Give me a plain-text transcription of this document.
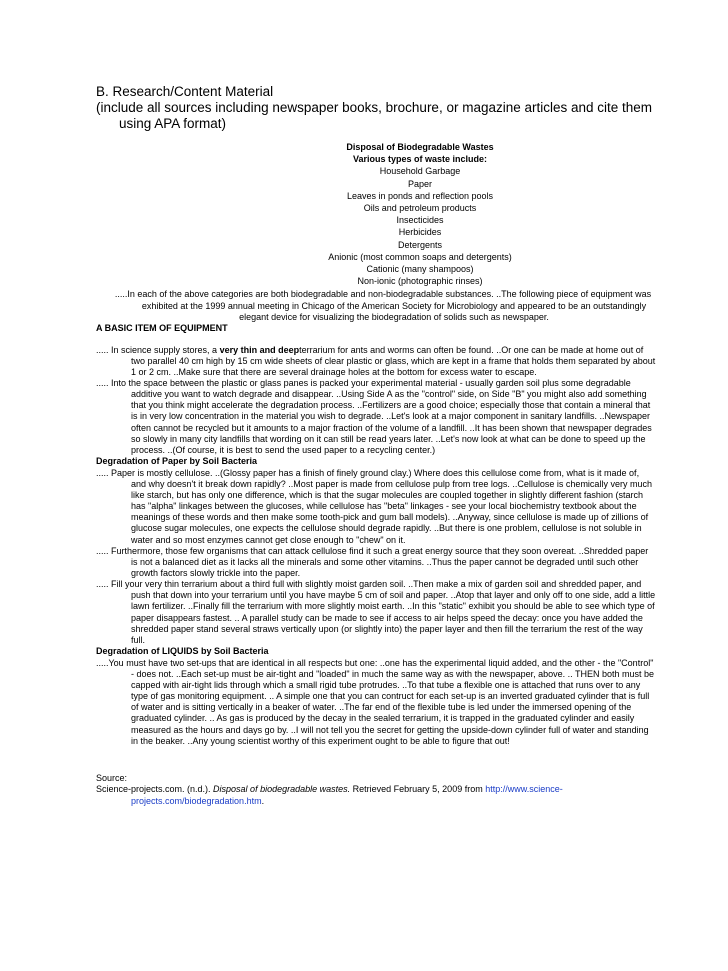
B. Research/Content Material

(include all sources including newspaper books, brochure, or magazine articles and cite them using APA format)

Disposal of Biodegradable Wastes
Various types of waste include:
Household Garbage
Paper
Leaves in ponds and reflection pools
Oils and petroleum products
Insecticides
Herbicides
Detergents
Anionic (most common soaps and detergents)
Cationic (many shampoos)
Non-ionic (photographic rinses)

.....In each of the above categories are both biodegradable and non-biodegradable substances. ..The following piece of equipment was exhibited at the 1999 annual meeting in Chicago of the American Society for Microbiology and appeared to be an outstandingly elegant device for visualizing the biodegradation of solids such as newspaper.

A BASIC ITEM OF EQUIPMENT

..... In science supply stores, a very thin and deepterrarium for ants and worms can often be found. ..Or one can be made at home out of two parallel 40 cm high by 15 cm wide sheets of clear plastic or glass, which are kept in a frame that holds them separated by about 1 or 2 cm. ..Make sure that there are several drainage holes at the bottom for excess water to escape.

..... Into the space between the plastic or glass panes is packed your experimental material - usually garden soil plus some degradable additive you want to watch degrade and disappear. ..Using Side A as the "control" side, on Side "B" you might also add something that you think might accelerate the degradation process. ..Fertilizers are a good choice; especially those that contain a mineral that is in very low concentration in the material you wish to degrade. ..Let's look at a major component in sanitary landfills. ..Newspaper often cannot be recycled but it amounts to a major fraction of the volume of a landfill. ..It has been shown that newspaper degrades so slowly in many city landfills that wording on it can still be read years later. ..Let's now look at what can be done to speed up the process. ..(Of course, it is best to send the used paper to a recycling center.)

Degradation of Paper by Soil Bacteria

..... Paper is mostly cellulose. ..(Glossy paper has a finish of finely ground clay.) Where does this cellulose come from, what is it made of, and why doesn't it break down rapidly? ..Most paper is made from cellulose pulp from tree logs. ..Cellulose is chemically very much like starch, but has only one difference, which is that the sugar molecules are coupled together in slightly different fashion (starch has "alpha" linkages between the glucoses, while cellulose has "beta" linkages - see your local biochemistry textbook about the meanings of these words and then make some tooth-pick and gum ball models). ..Anyway, since cellulose is made up of zillions of glucose sugar molecules, one expects the cellulose should degrade rapidly. ..But there is one problem, cellulose is not soluble in water and so most enzymes cannot get close enough to "chew" on it.

..... Furthermore, those few organisms that can attack cellulose find it such a great energy source that they soon overeat. ..Shredded paper is not a balanced diet as it lacks all the minerals and some other vitamins. ..Thus the paper cannot be degraded until such other growth factors slowly trickle into the paper.

..... Fill your very thin terrarium about a third full with slightly moist garden soil. ..Then make a mix of garden soil and shredded paper, and push that down into your terrarium until you have maybe 5 cm of soil and paper. ..Atop that layer and only off to one side, add a little lawn fertilizer. ..Finally fill the terrarium with more slightly moist earth. ..In this "static" exhibit you should be able to see which type of paper disappears fastest. .. A parallel study can be made to see if access to air helps speed the decay: once you have added the shredded paper stand several straws vertically upon (or slightly into) the paper layer and then fill the terrarium the rest of the way full.

Degradation of LIQUIDS by Soil Bacteria

.....You must have two set-ups that are identical in all respects but one: ..one has the experimental liquid added, and the other - the "Control" - does not. ..Each set-up must be air-tight and "loaded" in much the same way as with the newspaper, above. .. THEN both must be capped with air-tight lids through which a small rigid tube protrudes. ..To that tube a flexible one is attached that runs over to any type of gas monitoring equipment. .. A simple one that you can contruct for each set-up is an inverted graduated cylinder that is full of water and is sitting vertically in a beaker of water. ..The far end of the flexible tube is led under the immersed opening of the graduated cylinder. .. As gas is produced by the decay in the sealed terrarium, it is trapped in the graduated cylinder and easily measured as the hours and days go by. ..I will not tell you the secret for getting the upside-down cylinder full of water and standing in the beaker. ..Any young scientist worthy of this experiment ought to be able to figure that out!

Source:

Science-projects.com. (n.d.). Disposal of biodegradable wastes. Retrieved February 5, 2009 from http://www.science-projects.com/biodegradation.htm.
